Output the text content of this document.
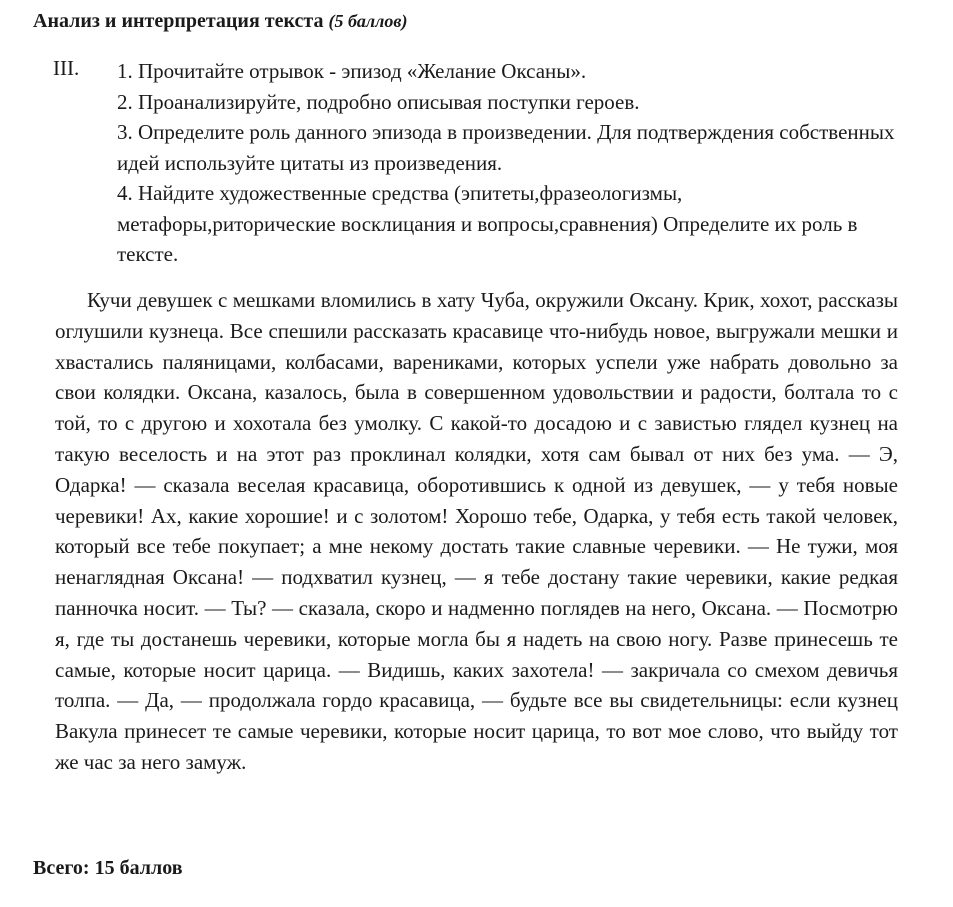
Анализ и интерпретация текста (5 баллов)
III. 1. Прочитайте отрывок - эпизод «Желание Оксаны».
2. Проанализируйте, подробно описывая поступки героев.
3. Определите роль данного эпизода в произведении. Для подтверждения собственных идей используйте цитаты из произведения.
4. Найдите художественные средства (эпитеты,фразеологизмы, метафоры,риторические восклицания и вопросы,сравнения) Определите их роль в тексте.

Кучи девушек с мешками вломились в хату Чуба, окружили Оксану. Крик, хохот, рассказы оглушили кузнеца. Все спешили рассказать красавице что-нибудь новое, выгружали мешки и хвастались паляницами, колбасами, варениками, которых успели уже набрать довольно за свои колядки. Оксана, казалось, была в совершенном удовольствии и радости, болтала то с той, то с другою и хохотала без умолку. С какой-то досадою и с завистью глядел кузнец на такую веселость и на этот раз проклинал колядки, хотя сам бывал от них без ума. — Э, Одарка! — сказала веселая красавица, оборотившись к одной из девушек, — у тебя новые черевики! Ах, какие хорошие! и с золотом! Хорошо тебе, Одарка, у тебя есть такой человек, который все тебе покупает; а мне некому достать такие славные черевики. — Не тужи, моя ненаглядная Оксана! — подхватил кузнец, — я тебе достану такие черевики, какие редкая панночка носит. — Ты? — сказала, скоро и надменно поглядев на него, Оксана. — Посмотрю я, где ты достанешь черевики, которые могла бы я надеть на свою ногу. Разве принесешь те самые, которые носит царица. — Видишь, каких захотела! — закричала со смехом девичья толпа. — Да, — продолжала гордо красавица, — будьте все вы свидетельницы: если кузнец Вакула принесет те самые черевики, которые носит царица, то вот мое слово, что выйду тот же час за него замуж.

Всего: 15 баллов
